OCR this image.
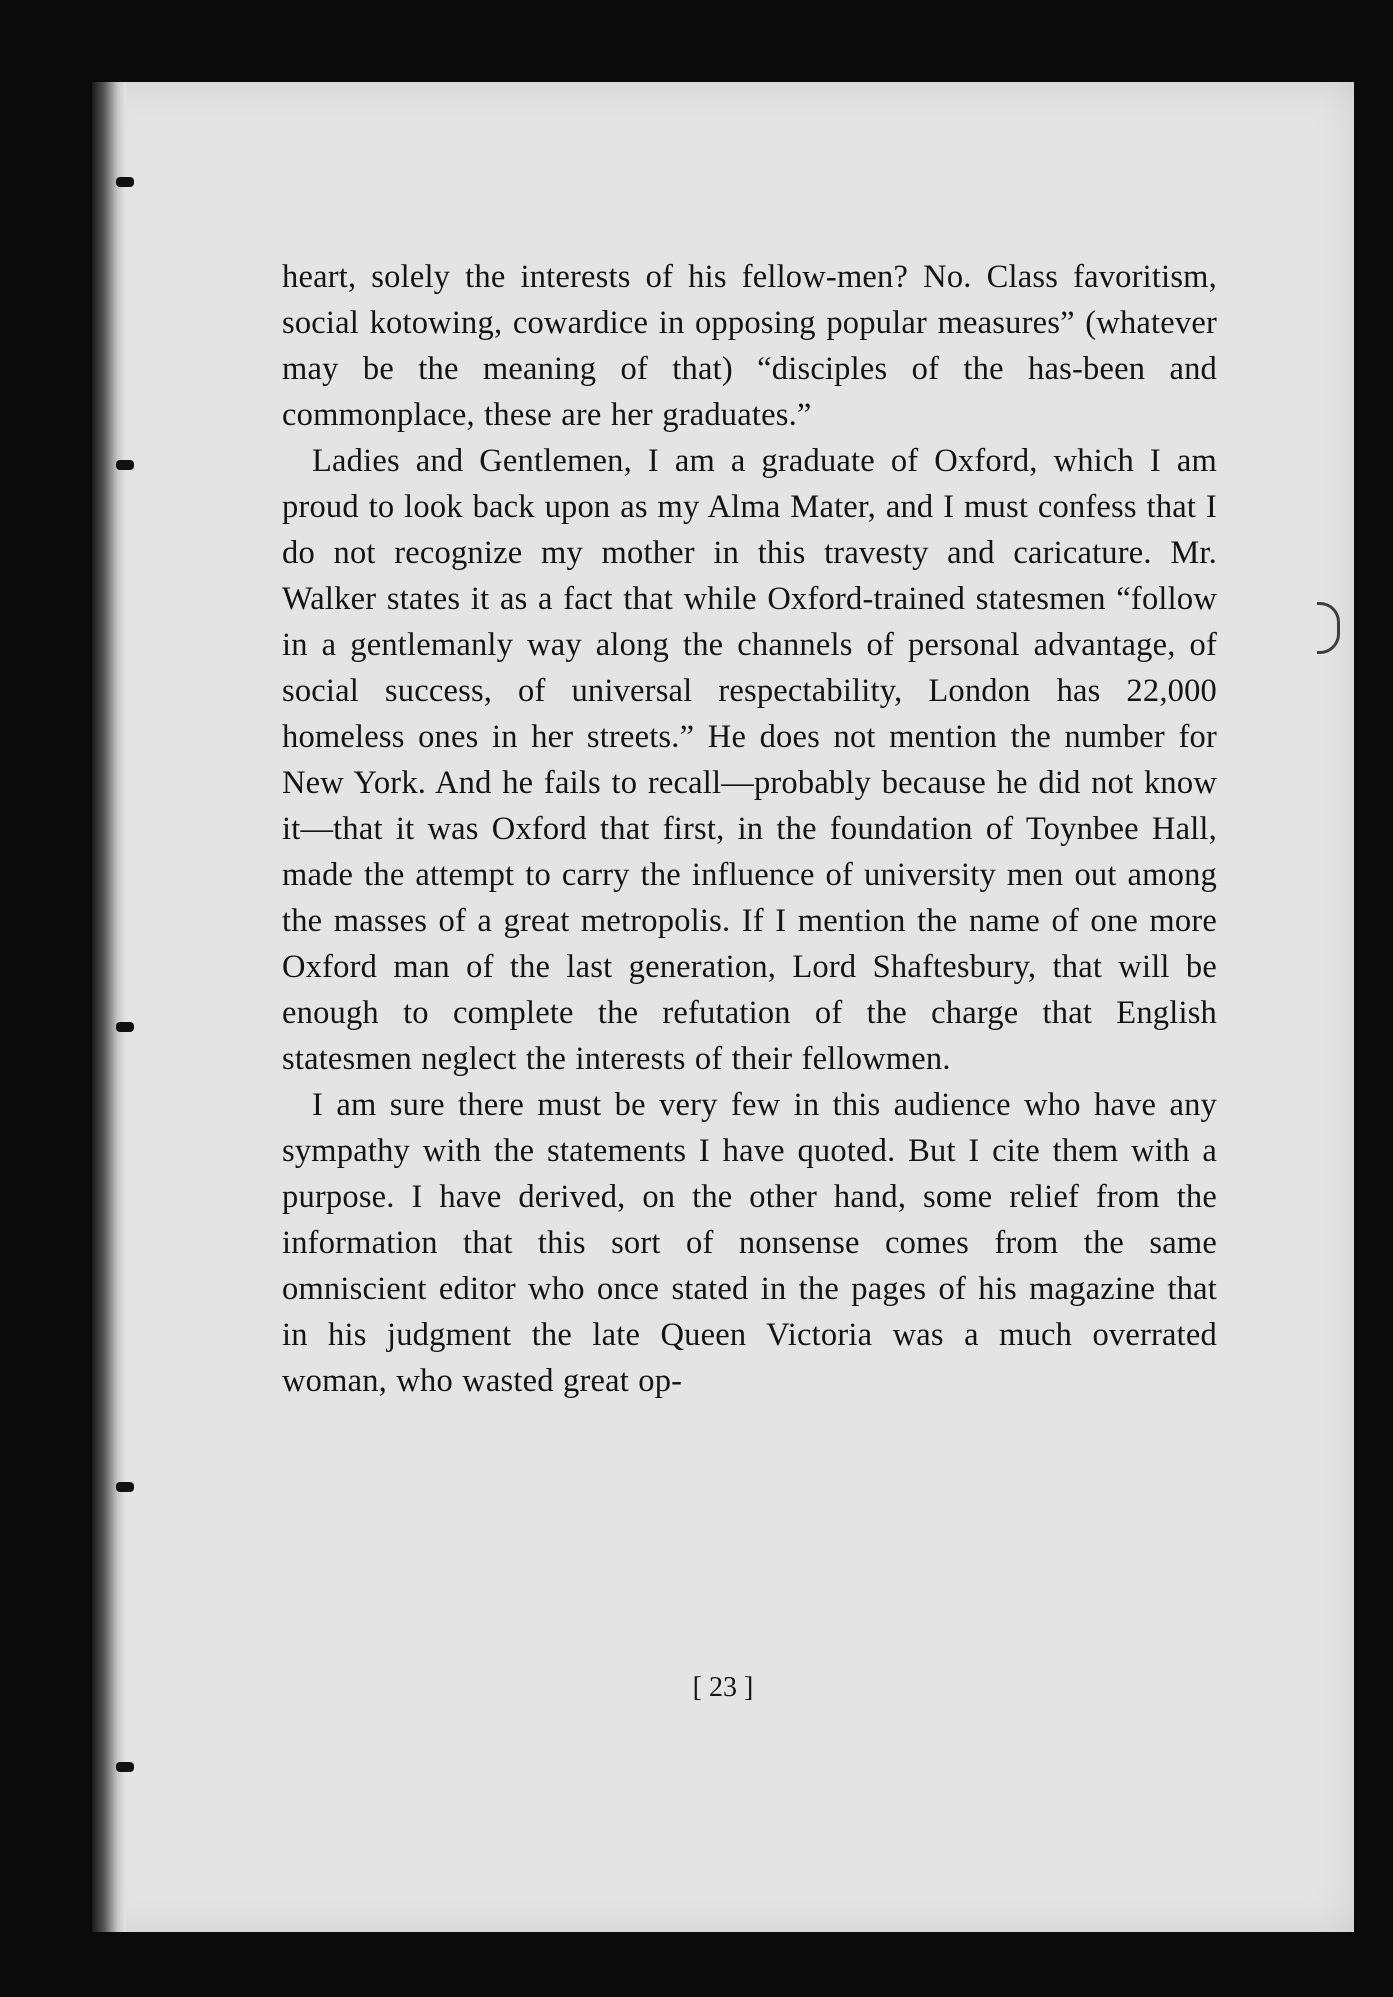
heart, solely the interests of his fellow-men? No. Class favoritism, social kotowing, cowardice in opposing popular measures” (whatever may be the meaning of that) “disciples of the has-been and commonplace, these are her graduates.”

Ladies and Gentlemen, I am a graduate of Oxford, which I am proud to look back upon as my Alma Mater, and I must confess that I do not recognize my mother in this travesty and caricature. Mr. Walker states it as a fact that while Oxford-trained statesmen “follow in a gentlemanly way along the channels of personal advantage, of social success, of universal respectability, London has 22,000 homeless ones in her streets.” He does not mention the number for New York. And he fails to recall—probably because he did not know it—that it was Oxford that first, in the foundation of Toynbee Hall, made the attempt to carry the influence of university men out among the masses of a great metropolis. If I mention the name of one more Oxford man of the last generation, Lord Shaftesbury, that will be enough to complete the refutation of the charge that English statesmen neglect the interests of their fellowmen.

I am sure there must be very few in this audience who have any sympathy with the statements I have quoted. But I cite them with a purpose. I have derived, on the other hand, some relief from the information that this sort of nonsense comes from the same omniscient editor who once stated in the pages of his magazine that in his judgment the late Queen Victoria was a much overrated woman, who wasted great op-

[ 23 ]
